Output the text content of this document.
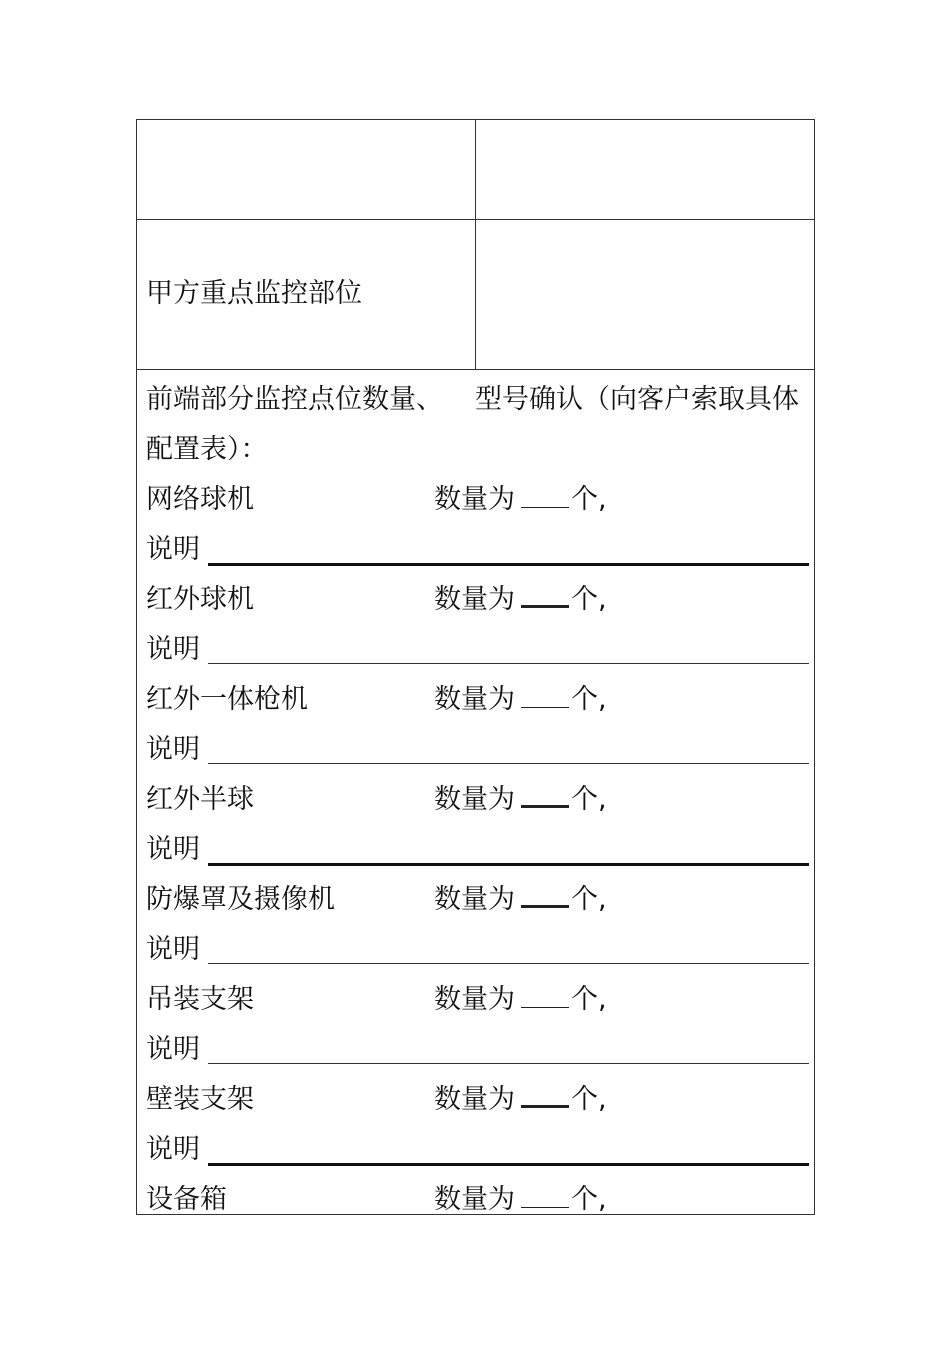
甲方重点监控部位
前端部分监控点位数量、 型号确认（向客户索取具体配置表）：
网络球机	数量为 个,
说明
红外球机	数量为 个,
说明
红外一体枪机	数量为 个,
说明
红外半球	数量为 个,
说明
防爆罩及摄像机	数量为 个,
说明
吊装支架	数量为 个,
说明
壁装支架	数量为 个,
说明
设备箱	数量为 个,
